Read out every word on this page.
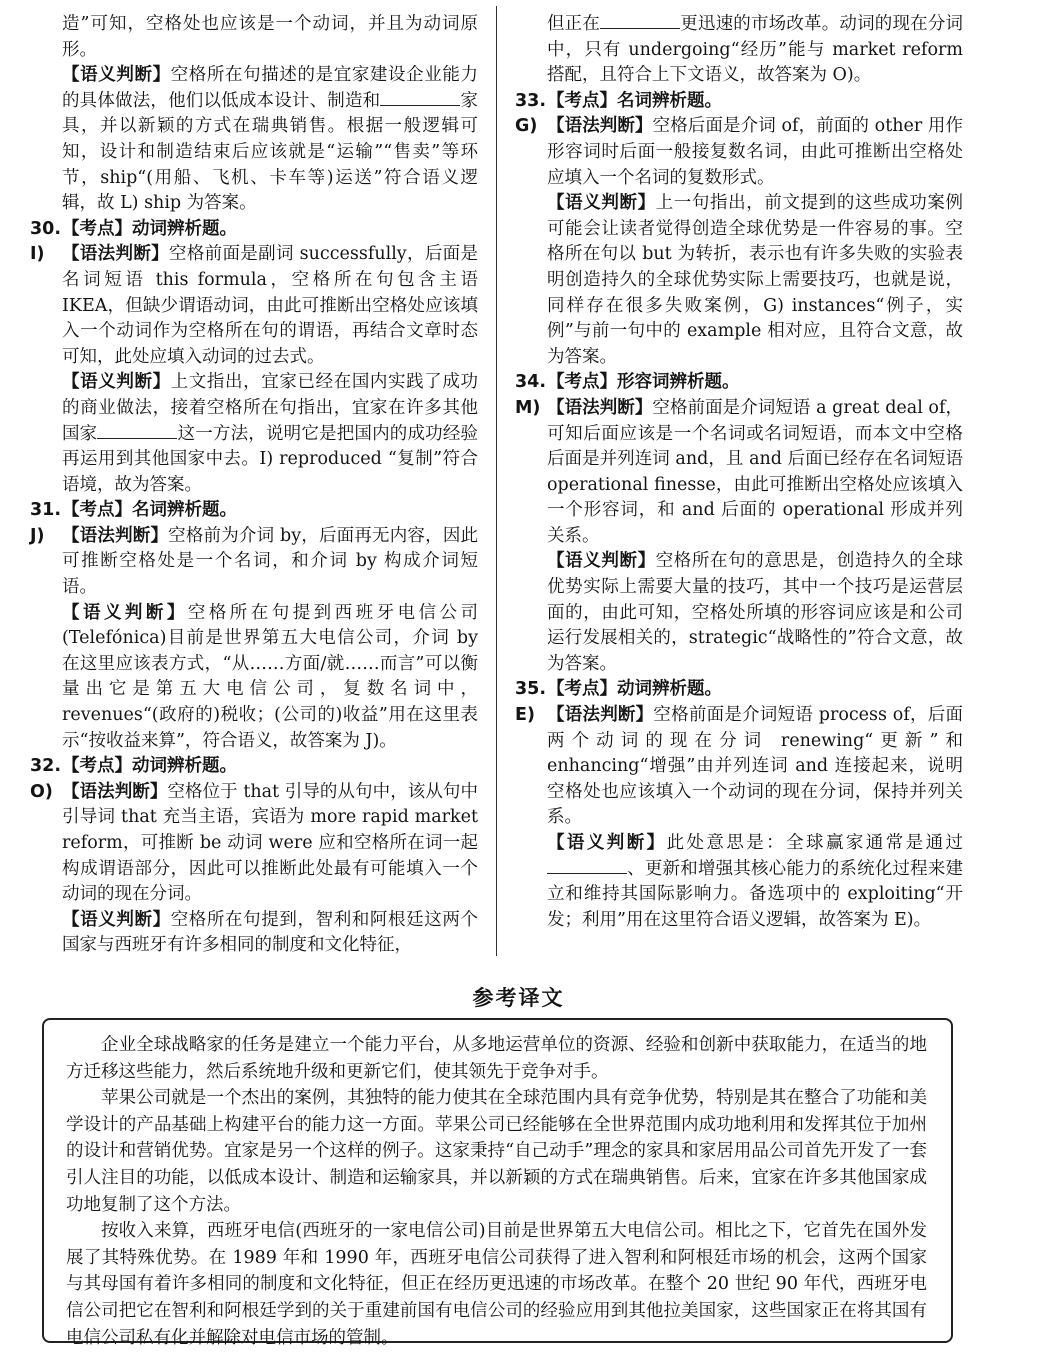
造”可知，空格处也应该是一个动词，并且为动词原形。

【语义判断】空格所在句描述的是宜家建设企业能力的具体做法，他们以低成本设计、制造和	家具，并以新颖的方式在瑞典销售。根据一般逻辑可知，设计和制造结束后应该就是“运输”“售卖”等环节，ship“(用船、飞机、卡车等)运送”符合语义逻辑，故 L) ship 为答案。

30. 【考点】动词辨析题。
I) 【语法判断】空格前面是副词 successfully，后面是名词短语 this formula，空格所在句包含主语 IKEA，但缺少谓语动词，由此可推断出空格处应该填入一个动词作为空格所在句的谓语，再结合文章时态可知，此处应填入动词的过去式。

【语义判断】上文指出，宜家已经在国内实践了成功的商业做法，接着空格所在句指出，宜家在许多其他国家	这一方法，说明它是把国内的成功经验再运用到其他国家中去。I) reproduced “复制”符合语境，故为答案。

31. 【考点】名词辨析题。
J) 【语法判断】空格前为介词 by，后面再无内容，因此可推断空格处是一个名词，和介词 by 构成介词短语。

【语义判断】空格所在句提到西班牙电信公司(Telefónica)目前是世界第五大电信公司，介词 by 在这里应该表方式，“从……方面/就……而言”可以衡量出它是第五大电信公司，复数名词中，revenues“(政府的)税收；(公司的)收益”用在这里表示“按收益来算”，符合语义，故答案为 J)。

32. 【考点】动词辨析题。
O) 【语法判断】空格位于 that 引导的从句中，该从句中引导词 that 充当主语，宾语为 more rapid market reform，可推断 be 动词 were 应和空格所在词一起构成谓语部分，因此可以推断此处最有可能填入一个动词的现在分词。

【语义判断】空格所在句提到，智利和阿根廷这两个国家与西班牙有许多相同的制度和文化特征，

但正在	更迅速的市场改革。动词的现在分词中，只有 undergoing“经历”能与 market reform 搭配，且符合上下文语义，故答案为 O)。

33. 【考点】名词辨析题。
G) 【语法判断】空格后面是介词 of，前面的 other 用作形容词时后面一般接复数名词，由此可推断出空格处应填入一个名词的复数形式。

【语义判断】上一句指出，前文提到的这些成功案例可能会让读者觉得创造全球优势是一件容易的事。空格所在句以 but 为转折，表示也有许多失败的实验表明创造持久的全球优势实际上需要技巧，也就是说，同样存在很多失败案例，G) instances“例子，实例”与前一句中的 example 相对应，且符合文意，故为答案。

34. 【考点】形容词辨析题。
M) 【语法判断】空格前面是介词短语 a great deal of，可知后面应该是一个名词或名词短语，而本文中空格后面是并列连词 and，且 and 后面已经存在名词短语 operational finesse，由此可推断出空格处应该填入一个形容词，和 and 后面的 operational 形成并列关系。

【语义判断】空格所在句的意思是，创造持久的全球优势实际上需要大量的技巧，其中一个技巧是运营层面的，由此可知，空格处所填的形容词应该是和公司运行发展相关的，strategic“战略性的”符合文意，故为答案。

35. 【考点】动词辨析题。
E) 【语法判断】空格前面是介词短语 process of，后面两个动词的现在分词 renewing“更新”和 enhancing“增强”由并列连词 and 连接起来，说明空格处也应该填入一个动词的现在分词，保持并列关系。

【语义判断】此处意思是：全球赢家通常是通过、更新和增强其核心能力的系统化过程来建立和维持其国际影响力。备选项中的 exploiting“开发；利用”用在这里符合语义逻辑，故答案为 E)。

参考译文

企业全球战略家的任务是建立一个能力平台，从多地运营单位的资源、经验和创新中获取能力，在适当的地方迁移这些能力，然后系统地升级和更新它们，使其领先于竞争对手。

苹果公司就是一个杰出的案例，其独特的能力使其在全球范围内具有竞争优势，特别是其在整合了功能和美学设计的产品基础上构建平台的能力这一方面。苹果公司已经能够在全世界范围内成功地利用和发挥其位于加州的设计和营销优势。宜家是另一个这样的例子。这家秉持“自己动手”理念的家具和家居用品公司首先开发了一套引人注目的功能，以低成本设计、制造和运输家具，并以新颖的方式在瑞典销售。后来，宜家在许多其他国家成功地复制了这个方法。

按收入来算，西班牙电信(西班牙的一家电信公司)目前是世界第五大电信公司。相比之下，它首先在国外发展了其特殊优势。在 1989 年和 1990 年，西班牙电信公司获得了进入智利和阿根廷市场的机会，这两个国家与其母国有着许多相同的制度和文化特征，但正在经历更迅速的市场改革。在整个 20 世纪 90 年代，西班牙电信公司把它在智利和阿根廷学到的关于重建前国有电信公司的经验应用到其他拉美国家，这些国家正在将其国有电信公司私有化并解除对电信市场的管制。
